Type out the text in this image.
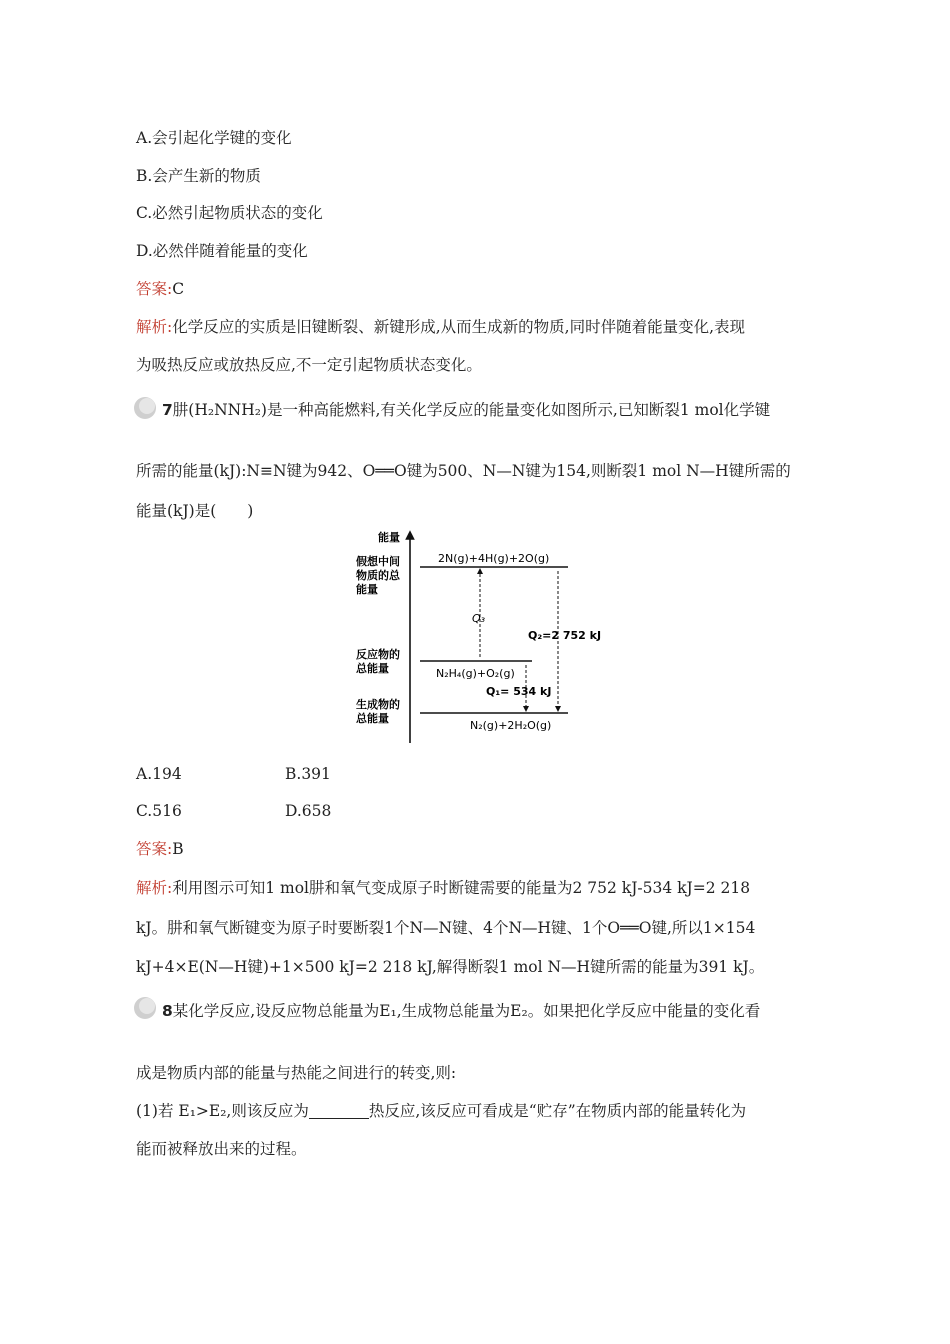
A.会引起化学键的变化
B.会产生新的物质
C.必然引起物质状态的变化
D.必然伴随着能量的变化
答案:C
解析:化学反应的实质是旧键断裂、新键形成,从而生成新的物质,同时伴随着能量变化,表现
为吸热反应或放热反应,不一定引起物质状态变化。
7肼(H₂NNH₂)是一种高能燃料,有关化学反应的能量变化如图所示,已知断裂1 mol化学键
所需的能量(kJ):N≡N键为942、O══O键为500、N—N键为154,则断裂1 mol N—H键所需的
能量(kJ)是(　　)
能量
假想中间 物质的总 能量
反应物的 总能量
生成物的 总能量
2N(g)+4H(g)+2O(g)
N₂H₄(g)+O₂(g)
N₂(g)+2H₂O(g)
Q₃
Q₂=2 752 kJ
Q₁= 534 kJ
A.194	B.391
C.516	D.658
答案:B
解析:利用图示可知1 mol肼和氧气变成原子时断键需要的能量为2 752 kJ-534 kJ=2 218
kJ。肼和氧气断键变为原子时要断裂1个N—N键、4个N—H键、1个O══O键,所以1×154
kJ+4×E(N—H键)+1×500 kJ=2 218 kJ,解得断裂1 mol N—H键所需的能量为391 kJ。
8某化学反应,设反应物总能量为E₁,生成物总能量为E₂。如果把化学反应中能量的变化看
成是物质内部的能量与热能之间进行的转变,则:
(1)若 E₁>E₂,则该反应为	热反应,该反应可看成是“贮存”在物质内部的能量转化为
能而被释放出来的过程。
